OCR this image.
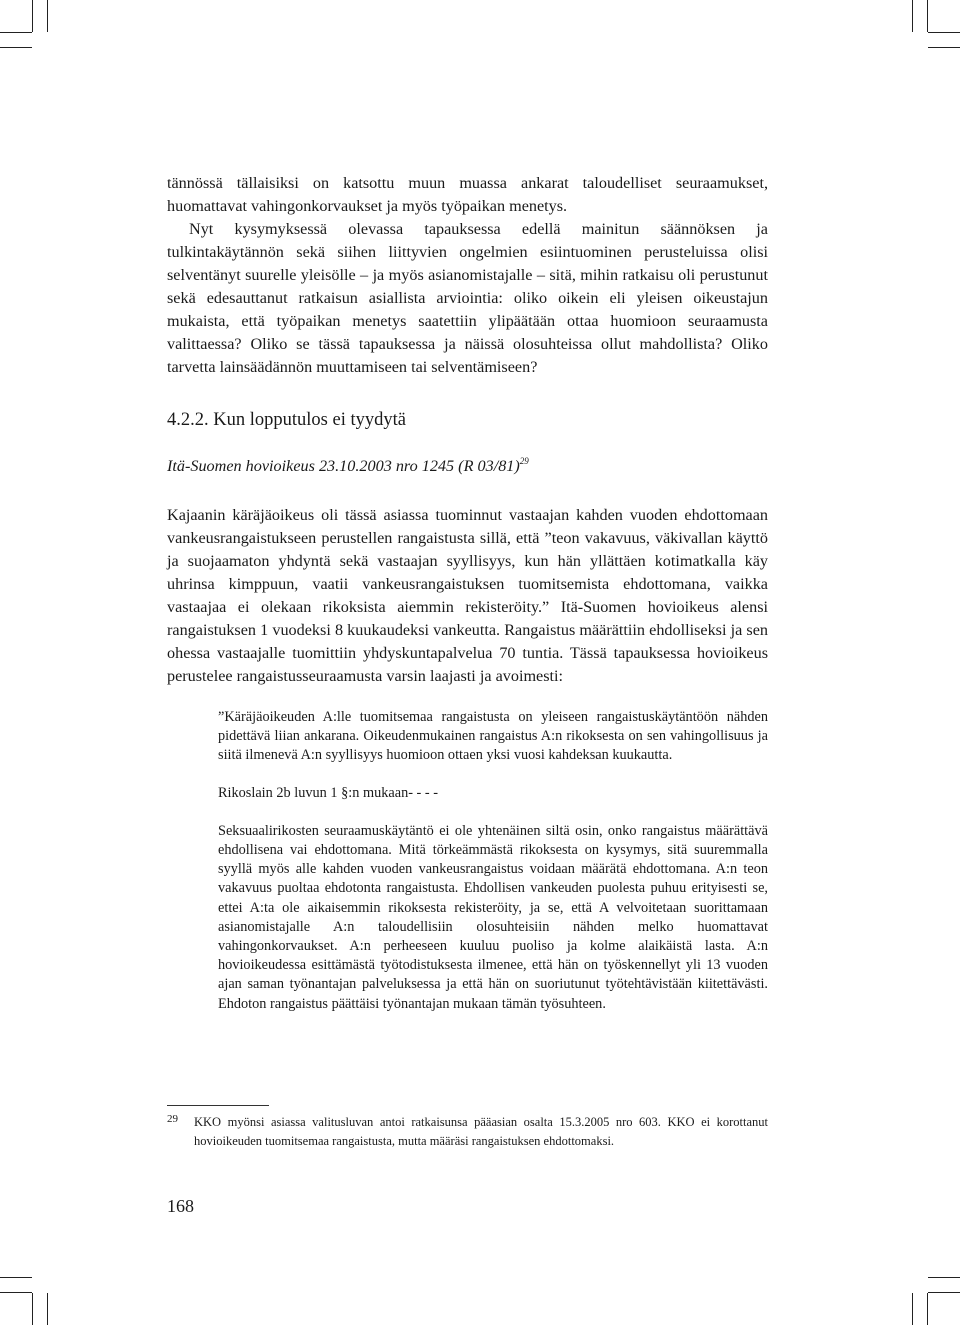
tännössä tällaisiksi on katsottu muun muassa ankarat taloudelliset seuraamukset, huomattavat vahingonkorvaukset ja myös työpaikan menetys.

Nyt kysymyksessä olevassa tapauksessa edellä mainitun säännöksen ja tulkintakäytännön sekä siihen liittyvien ongelmien esiintuominen perusteluissa olisi selventänyt suurelle yleisölle – ja myös asianomistajalle – sitä, mihin ratkaisu oli perustunut sekä edesauttanut ratkaisun asiallista arviointia: oliko oikein eli yleisen oikeustajun mukaista, että työpaikan menetys saatettiin ylipäätään ottaa huomioon seuraamusta valittaessa? Oliko se tässä tapauksessa ja näissä olosuhteissa ollut mahdollista? Oliko tarvetta lainsäädännön muuttamiseen tai selventämiseen?

4.2.2. Kun lopputulos ei tyydytä

Itä-Suomen hovioikeus 23.10.2003 nro 1245 (R 03/81)$^{29}$

Kajaanin käräjäoikeus oli tässä asiassa tuominnut vastaajan kahden vuoden ehdottomaan vankeusrangaistukseen perustellen rangaistusta sillä, että ”teon vakavuus, väkivallan käyttö ja suojaamaton yhdyntä sekä vastaajan syyllisyys, kun hän yllättäen kotimatkalla käy uhrinsa kimppuun, vaatii vankeusrangaistuksen tuomitsemista ehdottomana, vaikka vastaajaa ei olekaan rikoksista aiemmin rekisteröity.” Itä-Suomen hovioikeus alensi rangaistuksen 1 vuodeksi 8 kuukaudeksi vankeutta. Rangaistus määrättiin ehdolliseksi ja sen ohessa vastaajalle tuomittiin yhdyskuntapalvelua 70 tuntia. Tässä tapauksessa hovioikeus perustelee rangaistusseuraamusta varsin laajasti ja avoimesti:

”Käräjäoikeuden A:lle tuomitsemaa rangaistusta on yleiseen rangaistuskäytäntöön nähden pidettävä liian ankarana. Oikeudenmukainen rangaistus A:n rikoksesta on sen vahingollisuus ja siitä ilmenevä A:n syyllisyys huomioon ottaen yksi vuosi kahdeksan kuukautta.

Rikoslain 2b luvun 1 §:n mukaan- - - -

Seksuaalirikosten seuraamuskäytäntö ei ole yhtenäinen siltä osin, onko rangaistus määrättävä ehdollisena vai ehdottomana. Mitä törkeämmästä rikoksesta on kysymys, sitä suuremmalla syyllä myös alle kahden vuoden vankeusrangaistus voidaan määrätä ehdottomana. A:n teon vakavuus puoltaa ehdotonta rangaistusta. Ehdollisen vankeuden puolesta puhuu erityisesti se, ettei A:ta ole aikaisemmin rikoksesta rekisteröity, ja se, että A velvoitetaan suorittamaan asianomistajalle A:n taloudellisiin olosuhteisiin nähden melko huomattavat vahingonkorvaukset. A:n perheeseen kuuluu puoliso ja kolme alaikäistä lasta. A:n hovioikeudessa esittämästä työtodistuksesta ilmenee, että hän on työskennellyt yli 13 vuoden ajan saman työnantajan palveluksessa ja että hän on suoriutunut työtehtävistään kiitettävästi. Ehdoton rangaistus päättäisi työnantajan mukaan tämän työsuhteen.

29 KKO myönsi asiassa valitusluvan antoi ratkaisunsa pääasian osalta 15.3.2005 nro 603. KKO ei korottanut hovioikeuden tuomitsemaa rangaistusta, mutta määräsi rangaistuksen ehdottomaksi.

168
